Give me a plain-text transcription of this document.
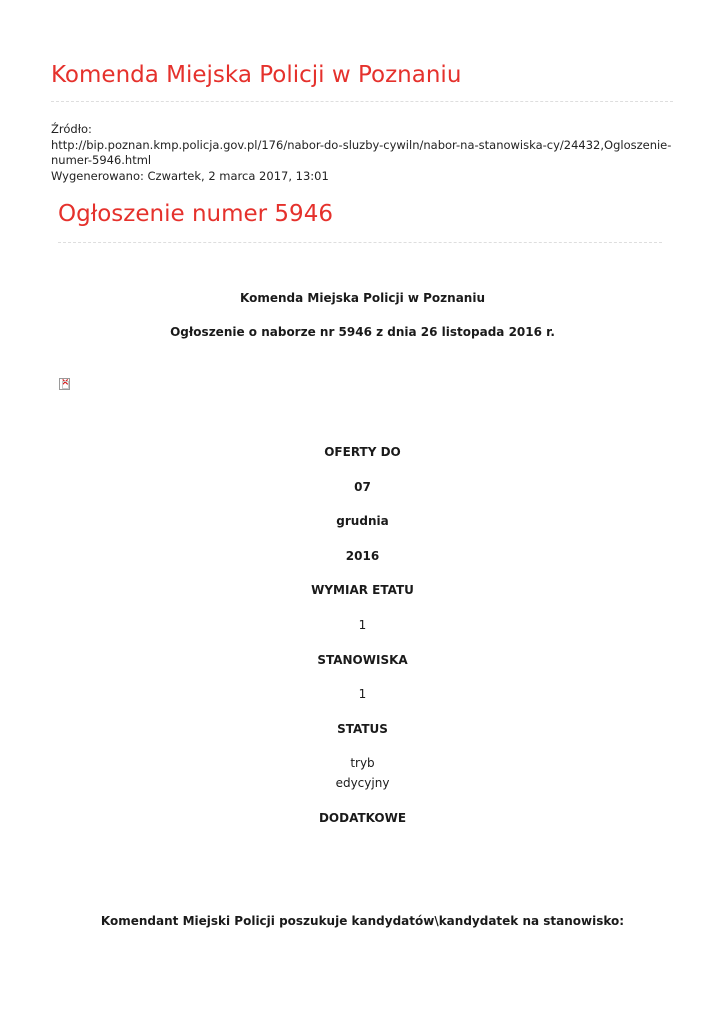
Komenda Miejska Policji w Poznaniu
Źródło:
http://bip.poznan.kmp.policja.gov.pl/176/nabor-do-sluzby-cywiln/nabor-na-stanowiska-cy/24432,Ogloszenie-numer-5946.html
Wygenerowano: Czwartek, 2 marca 2017, 13:01
Ogłoszenie numer 5946
Komenda Miejska Policji w Poznaniu
Ogłoszenie o naborze nr 5946 z dnia 26 listopada 2016 r.
×
OFERTY DO
07
grudnia
2016
WYMIAR ETATU
1
STANOWISKA
1
STATUS
tryb
edycyjny
DODATKOWE
Komendant Miejski Policji poszukuje kandydatów\kandydatek na stanowisko:
